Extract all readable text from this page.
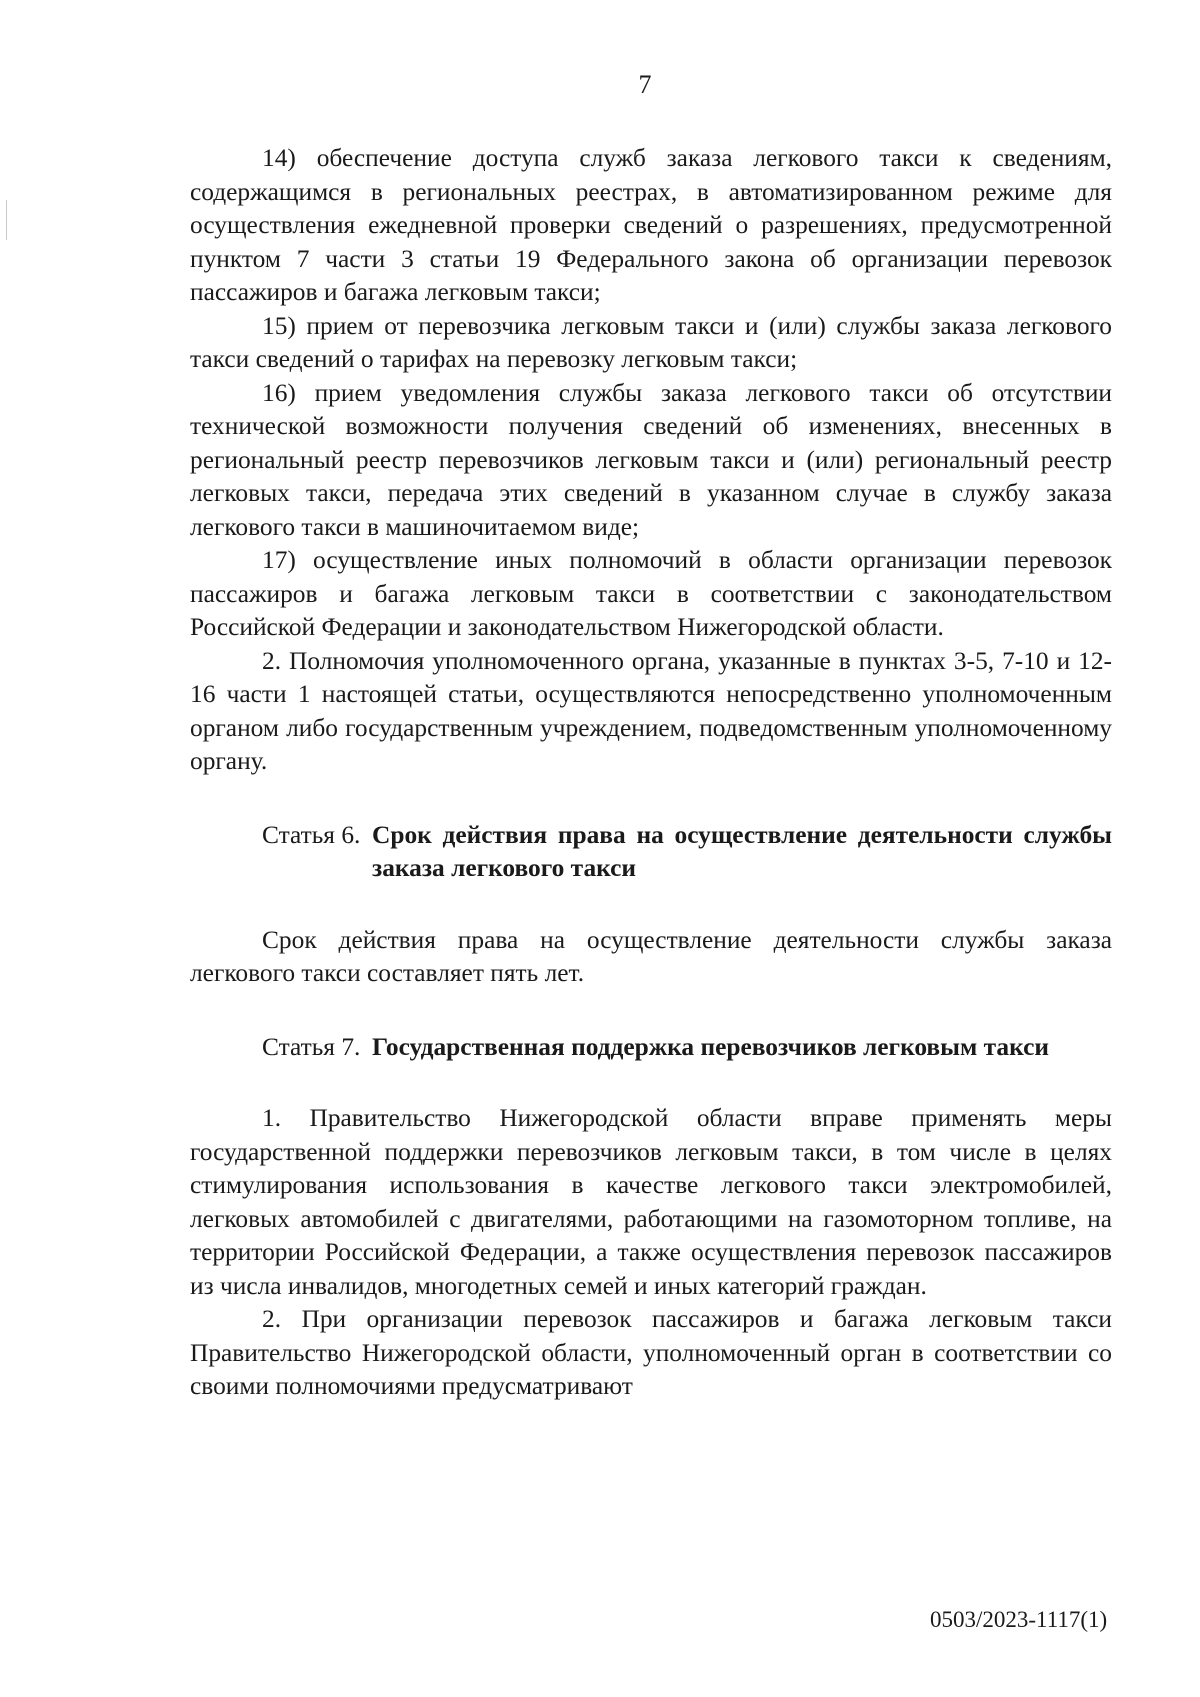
7

14) обеспечение доступа служб заказа легкового такси к сведениям, содержащимся в региональных реестрах, в автоматизированном режиме для осуществления ежедневной проверки сведений о разрешениях, предусмотренной пунктом 7 части 3 статьи 19 Федерального закона об организации перевозок пассажиров и багажа легковым такси;

15) прием от перевозчика легковым такси и (или) службы заказа легкового такси сведений о тарифах на перевозку легковым такси;

16) прием уведомления службы заказа легкового такси об отсутствии технической возможности получения сведений об изменениях, внесенных в региональный реестр перевозчиков легковым такси и (или) региональный реестр легковых такси, передача этих сведений в указанном случае в службу заказа легкового такси в машиночитаемом виде;

17) осуществление иных полномочий в области организации перевозок пассажиров и багажа легковым такси в соответствии с законодательством Российской Федерации и законодательством Нижегородской области.

2. Полномочия уполномоченного органа, указанные в пунктах 3-5, 7-10 и 12-16 части 1 настоящей статьи, осуществляются непосредственно уполномоченным органом либо государственным учреждением, подведомственным уполномоченному органу.

Статья 6. Срок действия права на осуществление деятельности службы заказа легкового такси

Срок действия права на осуществление деятельности службы заказа легкового такси составляет пять лет.

Статья 7. Государственная поддержка перевозчиков легковым такси

1. Правительство Нижегородской области вправе применять меры государственной поддержки перевозчиков легковым такси, в том числе в целях стимулирования использования в качестве легкового такси электромобилей, легковых автомобилей с двигателями, работающими на газомоторном топливе, на территории Российской Федерации, а также осуществления перевозок пассажиров из числа инвалидов, многодетных семей и иных категорий граждан.

2. При организации перевозок пассажиров и багажа легковым такси Правительство Нижегородской области, уполномоченный орган в соответствии со своими полномочиями предусматривают

0503/2023-1117(1)
